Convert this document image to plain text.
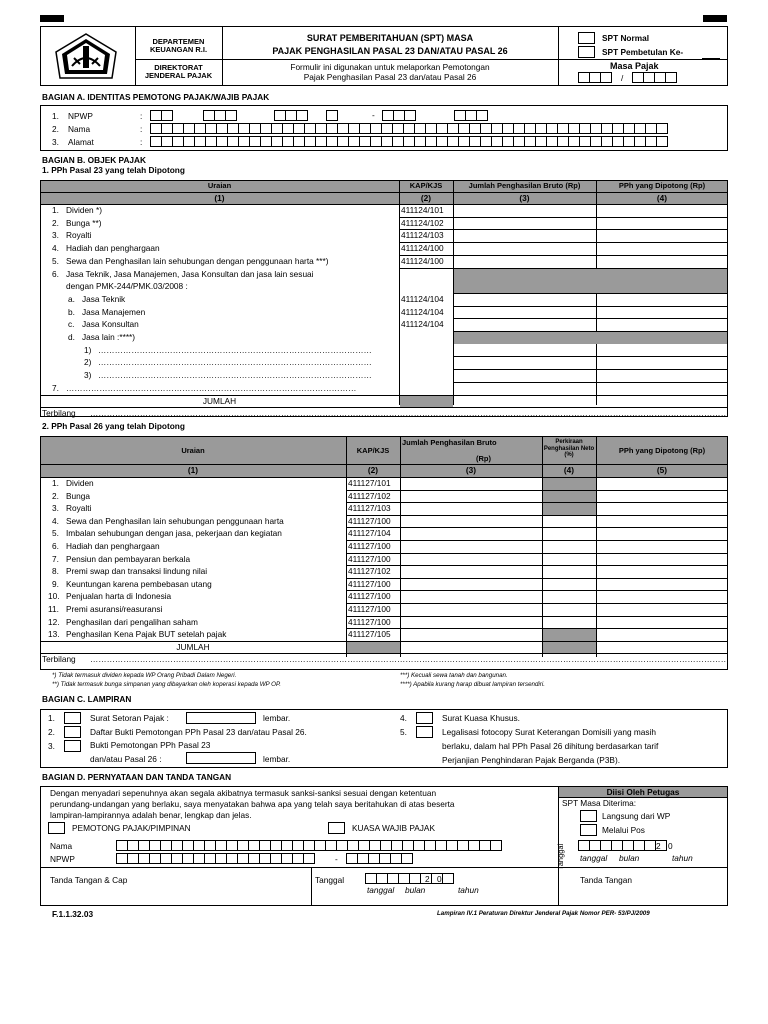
DEPARTEMEN
KEUANGAN R.I.
DIREKTORAT
JENDERAL PAJAK
SURAT PEMBERITAHUAN (SPT) MASA
PAJAK PENGHASILAN PASAL 23 DAN/ATAU PASAL 26
Formulir ini digunakan untuk melaporkan Pemotongan
Pajak Penghasilan Pasal 23 dan/atau Pasal 26
SPT Normal
SPT Pembetulan Ke-
Masa Pajak
/
BAGIAN A. IDENTITAS PEMOTONG PAJAK/WAJIB PAJAK
BAGIAN B. OBJEK PAJAK
1. PPh Pasal 23 yang telah Dipotong
Uraian
(1)
KAP/KJS
(2)
Jumlah Penghasilan Bruto (Rp)
(3)
PPh yang Dipotong (Rp)
(4)
1. Dividen *)	411124/101
2. Bunga **)	411124/102
3. Royalti	411124/103
4. Hadiah dan penghargaan	411124/100
5. Sewa dan Penghasilan lain sehubungan dengan penggunaan harta ***)	411124/100
6. Jasa Teknik, Jasa Manajemen, Jasa Konsultan dan jasa lain sesuai
dengan PMK-244/PMK.03/2008 :
a. Jasa Teknik	411124/104
b. Jasa Manajemen	411124/104
c. Jasa Konsultan	411124/104
d. Jasa lain :****)
1) ………………………………………………………………………………………
2) ………………………………………………………………………………………
3) ………………………………………………………………………………………
7. ……………………………………………………………………………………………
JUMLAH
Terbilang ……………………………………………………………………………………………………………………………………………………………………………………………………………
2. PPh Pasal 26 yang telah Dipotong
Uraian	KAP/KJS
Jumlah Penghasilan Bruto
(Rp)
Perkiraan Penghasilan Neto (%)
PPh yang Dipotong (Rp)
(1)	(2)	(3)	(4)	(5)
1. Dividen	411127/101
2. Bunga	411127/102
3. Royalti	411127/103
4. Sewa dan Penghasilan lain sehubungan penggunaan harta	411127/100
5. Imbalan sehubungan dengan jasa, pekerjaan dan kegiatan	411127/104
6. Hadiah dan penghargaan	411127/100
7. Pensiun dan pembayaran berkala	411127/100
8. Premi swap dan transaksi lindung nilai	411127/102
9. Keuntungan karena pembebasan utang	411127/100
10. Penjualan harta di Indonesia	411127/100
11. Premi asuransi/reasuransi	411127/100
12. Penghasilan dari pengalihan saham	411127/100
13. Penghasilan Kena Pajak BUT setelah pajak	411127/105
JUMLAH
Terbilang ……………………………………………………………………………………………………………………………………………………………………………………………………………
*) Tidak termasuk dividen kepada WP Orang Pribadi Dalam Negeri.
**) Tidak termasuk bunga simpanan yang dibayarkan oleh koperasi kepada WP OP.
***) Kecuali sewa tanah dan bangunan.
****) Apabila kurang harap dibuat lampiran tersendiri.
BAGIAN C. LAMPIRAN
1.	Surat Setoran Pajak :	lembar.
2.	Daftar Bukti Pemotongan PPh Pasal 23 dan/atau Pasal 26.
3.	Bukti Pemotongan PPh Pasal 23
dan/atau Pasal 26 :	lembar.
4.	Surat Kuasa Khusus.
5.	Legalisasi fotocopy Surat Keterangan Domisili yang masih
berlaku, dalam hal PPh Pasal 26 dihitung berdasarkan tarif
Perjanjian Penghindaran Pajak Berganda (P3B).
BAGIAN D. PERNYATAAN DAN TANDA TANGAN
Dengan menyadari sepenuhnya akan segala akibatnya termasuk sanksi-sanksi sesuai dengan ketentuan
perundang-undangan yang berlaku, saya menyatakan bahwa apa yang telah saya beritahukan di atas beserta
lampiran-lampirannya adalah benar, lengkap dan jelas.
PEMOTONG PAJAK/PIMPINAN	KUASA WAJIB PAJAK
Nama
NPWP	-
Tanda Tangan & Cap	Tanggal	2 0
tanggal bulan	tahun
Diisi Oleh Petugas
SPT Masa Diterima:
Langsung dari WP
Melalui Pos
Tanggal	2 0
tanggal bulan	tahun
Tanda Tangan
F.1.1.32.03	Lampiran IV.1 Peraturan Direktur Jenderal Pajak Nomor PER- 53/PJ/2009
1. NPWP	:
2. Nama	:
3. Alamat	:
-
